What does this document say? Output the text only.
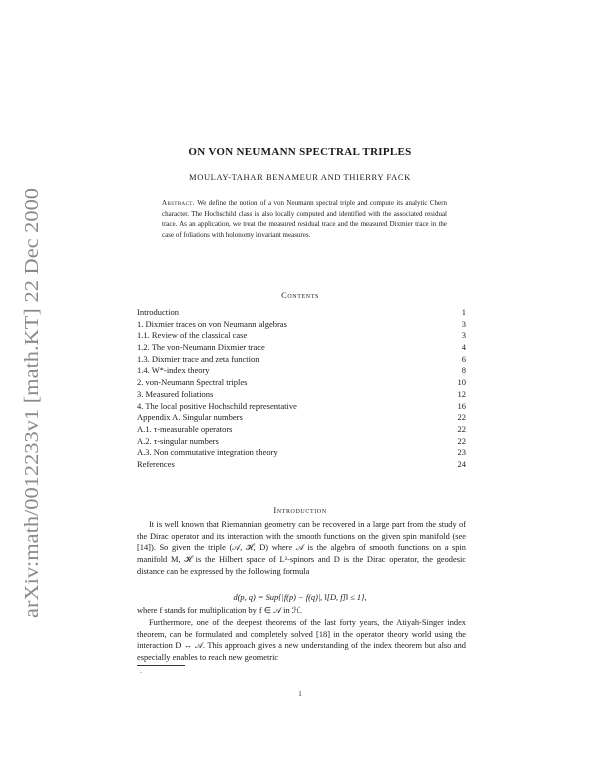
arXiv:math/0012233v1 [math.KT] 22 Dec 2000
ON VON NEUMANN SPECTRAL TRIPLES
MOULAY-TAHAR BENAMEUR AND THIERRY FACK

Abstract. We define the notion of a von Neumann spectral triple and compute its analytic Chern character. The Hochschild class is also locally computed and identified with the associated residual trace. As an application, we treat the measured residual trace and the measured Dixmier trace in the case of foliations with holonomy invariant measures.

Contents
Introduction	1
1. Dixmier traces on von Neumann algebras	3
1.1. Review of the classical case	3
1.2. The von-Neumann Dixmier trace	4
1.3. Dixmier trace and zeta function	6
1.4. W*-index theory	8
2. von-Neumann Spectral triples	10
3. Measured foliations	12
4. The local positive Hochschild representative	16
Appendix A. Singular numbers	22
A.1. τ-measurable operators	22
A.2. τ-singular numbers	22
A.3. Non commutative integration theory	23
References	24
Introduction

It is well known that Riemannian geometry can be recovered in a large part from the study of the Dirac operator and its interaction with the smooth functions on the given spin manifold (see [14]). So given the triple (𝒜, ℋ, D) where 𝒜 is the algebra of smooth functions on a spin manifold M, ℋ is the Hilbert space of L²-spinors and D is the Dirac operator, the geodesic distance can be expressed by the following formula

d(p, q) = Sup{|f(p) − f(q)|, ‖[D, f]‖ ≤ 1},

where f stands for multiplication by f ∈ 𝒜 in ℋ.

Furthermore, one of the deepest theorems of the last forty years, the Atiyah-Singer index theorem, can be formulated and completely solved [18] in the operator theory world using the interaction D ↔ 𝒜. This approach gives a new understanding of the index theorem but also and especially enables to reach new geometric

.
1
